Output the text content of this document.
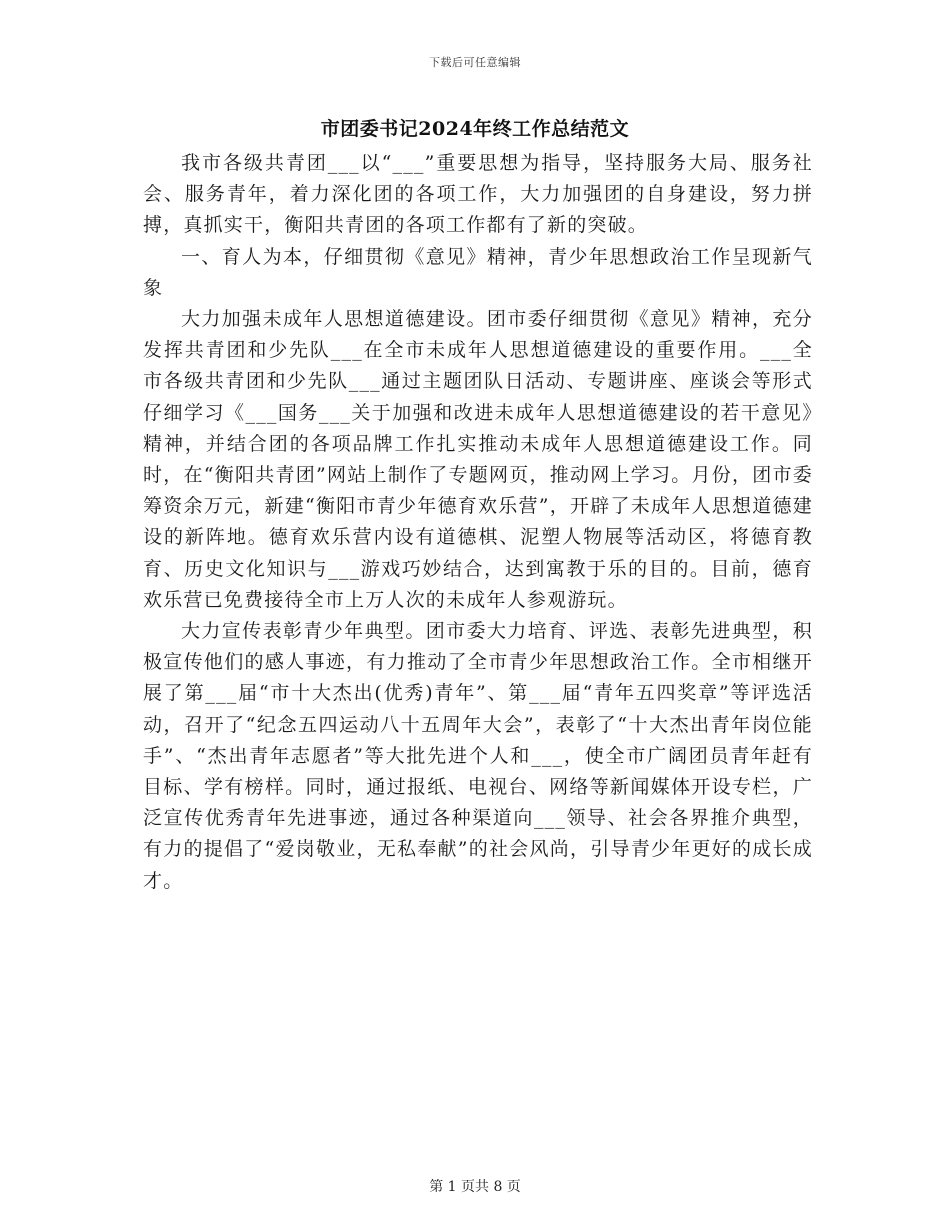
下载后可任意编辑
市团委书记2024年终工作总结范文

我市各级共青团___以“___”重要思想为指导，坚持服务大局、服务社会、服务青年，着力深化团的各项工作，大力加强团的自身建设，努力拼搏，真抓实干，衡阳共青团的各项工作都有了新的突破。

一、育人为本，仔细贯彻《意见》精神，青少年思想政治工作呈现新气象

大力加强未成年人思想道德建设。团市委仔细贯彻《意见》精神，充分发挥共青团和少先队___在全市未成年人思想道德建设的重要作用。___全市各级共青团和少先队___通过主题团队日活动、专题讲座、座谈会等形式仔细学习《___国务___关于加强和改进未成年人思想道德建设的若干意见》精神，并结合团的各项品牌工作扎实推动未成年人思想道德建设工作。同时，在“衡阳共青团”网站上制作了专题网页，推动网上学习。月份，团市委筹资余万元，新建“衡阳市青少年德育欢乐营”，开辟了未成年人思想道德建设的新阵地。德育欢乐营内设有道德棋、泥塑人物展等活动区，将德育教育、历史文化知识与___游戏巧妙结合，达到寓教于乐的目的。目前，德育欢乐营已免费接待全市上万人次的未成年人参观游玩。

大力宣传表彰青少年典型。团市委大力培育、评选、表彰先进典型，积极宣传他们的感人事迹，有力推动了全市青少年思想政治工作。全市相继开展了第___届“市十大杰出(优秀)青年”、第___届“青年五四奖章”等评选活动，召开了“纪念五四运动八十五周年大会”，表彰了“十大杰出青年岗位能手”、“杰出青年志愿者”等大批先进个人和___，使全市广阔团员青年赶有目标、学有榜样。同时，通过报纸、电视台、网络等新闻媒体开设专栏，广泛宣传优秀青年先进事迹，通过各种渠道向___领导、社会各界推介典型，有力的提倡了“爱岗敬业，无私奉献”的社会风尚，引导青少年更好的成长成才。

第 1 页共 8 页
